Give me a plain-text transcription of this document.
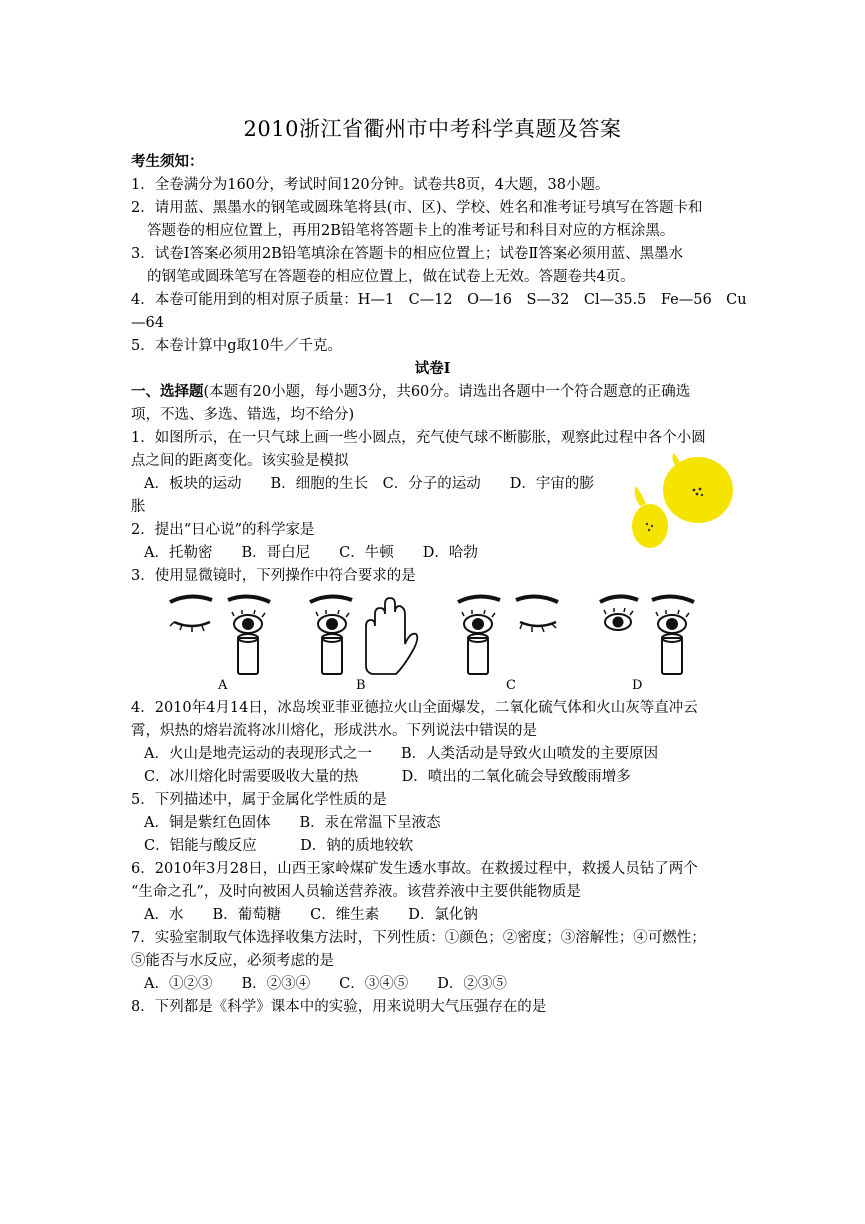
2010浙江省衢州市中考科学真题及答案
考生须知：
1．全卷满分为160分，考试时间120分钟。试卷共8页，4大题，38小题。
2．请用蓝、黑墨水的钢笔或圆珠笔将县(市、区)、学校、姓名和准考证号填写在答题卡和
答题卷的相应位置上，再用2B铅笔将答题卡上的准考证号和科目对应的方框涂黑。
3．试卷Ⅰ答案必须用2B铅笔填涂在答题卡的相应位置上；试卷Ⅱ答案必须用蓝、黑墨水
的钢笔或圆珠笔写在答题卷的相应位置上，做在试卷上无效。答题卷共4页。
4．本卷可能用到的相对原子质量：H—1　C—12　O—16　S—32　Cl—35.5　Fe—56　Cu
—64
5．本卷计算中g取10牛／千克。
试卷Ⅰ
一、选择题(本题有20小题，每小题3分，共60分。请选出各题中一个符合题意的正确选
项，不选、多选、错选，均不给分)
1．如图所示，在一只气球上画一些小圆点，充气使气球不断膨胀，观察此过程中各个小圆
点之间的距离变化。该实验是模拟
A．板块的运动　　B．细胞的生长　C．分子的运动　　D．宇宙的膨
胀
2．提出“日心说”的科学家是
A．托勒密　　B．哥白尼　　C．牛顿　　D．哈勃
3．使用显微镜时，下列操作中符合要求的是
A	B	C	D
4．2010年4月14日，冰岛埃亚菲亚德拉火山全面爆发，二氧化硫气体和火山灰等直冲云
霄，炽热的熔岩流将冰川熔化，形成洪水。下列说法中错误的是
A．火山是地壳运动的表现形式之一　　B．人类活动是导致火山喷发的主要原因
C．冰川熔化时需要吸收大量的热　　　D．喷出的二氧化硫会导致酸雨增多
5．下列描述中，属于金属化学性质的是
A．铜是紫红色固体　　B．汞在常温下呈液态
C．铝能与酸反应　　　D．钠的质地较软
6．2010年3月28日，山西王家岭煤矿发生透水事故。在救援过程中，救援人员钻了两个
“生命之孔”，及时向被困人员输送营养液。该营养液中主要供能物质是
A．水　　B．葡萄糖　　C．维生素　　D．氯化钠
7．实验室制取气体选择收集方法时，下列性质：①颜色；②密度；③溶解性；④可燃性；
⑤能否与水反应，必须考虑的是
A．①②③　　B．②③④　　C．③④⑤　　D．②③⑤
8．下列都是《科学》课本中的实验，用来说明大气压强存在的是
